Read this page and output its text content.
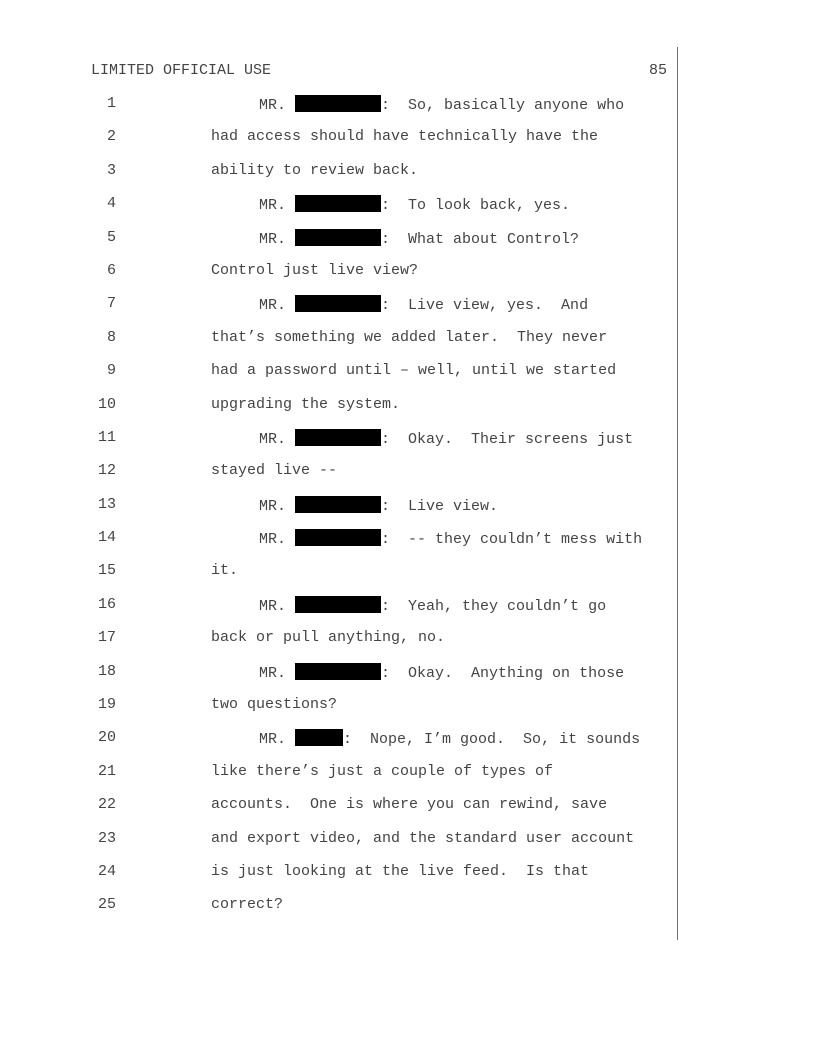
LIMITED OFFICIAL USE	85
1	MR.	:  So, basically anyone who
2	had access should have technically have the
3	ability to review back.
4	MR.	:  To look back, yes.
5	MR.	:  What about Control?
6	Control just live view?
7	MR.	:  Live view, yes.  And
8	that’s something we added later.  They never
9	had a password until – well, until we started
10	upgrading the system.
11	MR.	:  Okay.  Their screens just
12	stayed live --
13	MR.	:  Live view.
14	MR.	:  -- they couldn’t mess with
15	it.
16	MR.	:  Yeah, they couldn’t go
17	back or pull anything, no.
18	MR.	:  Okay.  Anything on those
19	two questions?
20	MR.	:  Nope, I’m good.  So, it sounds
21	like there’s just a couple of types of
22	accounts.  One is where you can rewind, save
23	and export video, and the standard user account
24	is just looking at the live feed.  Is that
25	correct?
